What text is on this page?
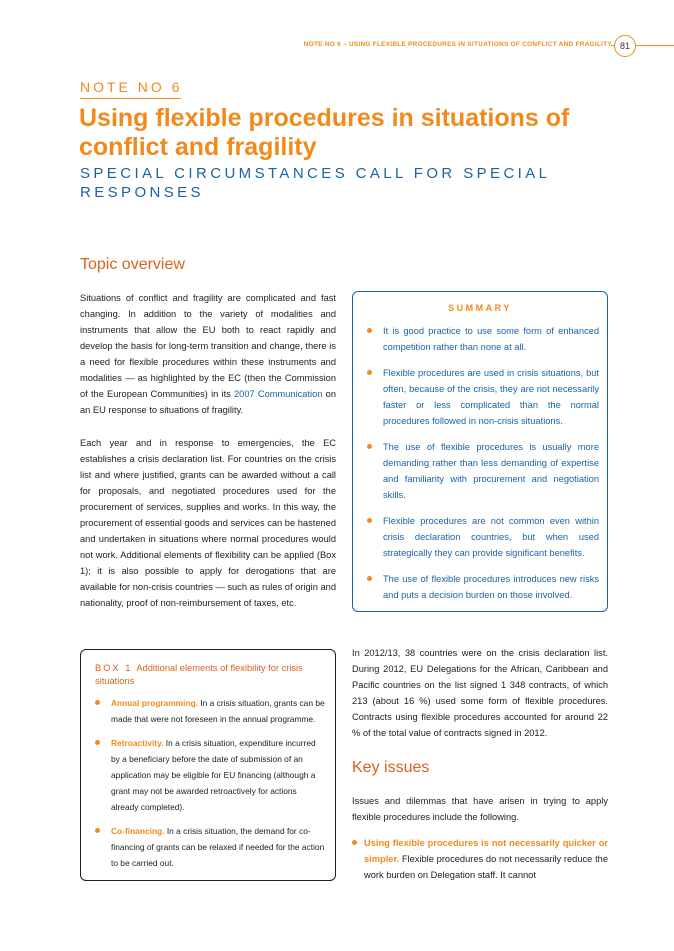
NOTE NO 6 – USING FLEXIBLE PROCEDURES IN SITUATIONS OF CONFLICT AND FRAGILITY 81
NOTE NO 6
Using flexible procedures in situations of conflict and fragility
SPECIAL CIRCUMSTANCES CALL FOR SPECIAL RESPONSES
Topic overview

Situations of conflict and fragility are complicated and fast changing. In addition to the variety of modalities and instruments that allow the EU both to react rapidly and develop the basis for long-term transition and change, there is a need for flexible procedures within these instruments and modalities — as highlighted by the EC (then the Commission of the European Communities) in its 2007 Communication on an EU response to situations of fragility.

Each year and in response to emergencies, the EC establishes a crisis declaration list. For countries on the crisis list and where justified, grants can be awarded without a call for proposals, and negotiated procedures used for the procurement of services, supplies and works. In this way, the procurement of essential goods and services can be hastened and undertaken in situations where normal procedures would not work. Additional elements of flexibility can be applied (Box 1); it is also possible to apply for derogations that are available for non-crisis countries — such as rules of origin and nationality, proof of non-reimbursement of taxes, etc.

SUMMARY
It is good practice to use some form of enhanced competition rather than none at all.
Flexible procedures are used in crisis situations, but often, because of the crisis, they are not necessarily faster or less complicated than the normal procedures followed in non-crisis situations.
The use of flexible procedures is usually more demanding rather than less demanding of expertise and familiarity with procurement and negotiation skills.
Flexible procedures are not common even within crisis declaration countries, but when used strategically they can provide significant benefits.
The use of flexible procedures introduces new risks and puts a decision burden on those involved.
BOX 1 Additional elements of flexibility for crisis situations
Annual programming. In a crisis situation, grants can be made that were not foreseen in the annual programme.
Retroactivity. In a crisis situation, expenditure incurred by a beneficiary before the date of submission of an application may be eligible for EU financing (although a grant may not be awarded retroactively for actions already completed).
Co-financing. In a crisis situation, the demand for co-financing of grants can be relaxed if needed for the action to be carried out.

In 2012/13, 38 countries were on the crisis declaration list. During 2012, EU Delegations for the African, Caribbean and Pacific countries on the list signed 1 348 contracts, of which 213 (about 16 %) used some form of flexible procedures. Contracts using flexible procedures accounted for around 22 % of the total value of contracts signed in 2012.

Key issues

Issues and dilemmas that have arisen in trying to apply flexible procedures include the following.

Using flexible procedures is not necessarily quicker or simpler. Flexible procedures do not necessarily reduce the work burden on Delegation staff. It cannot
